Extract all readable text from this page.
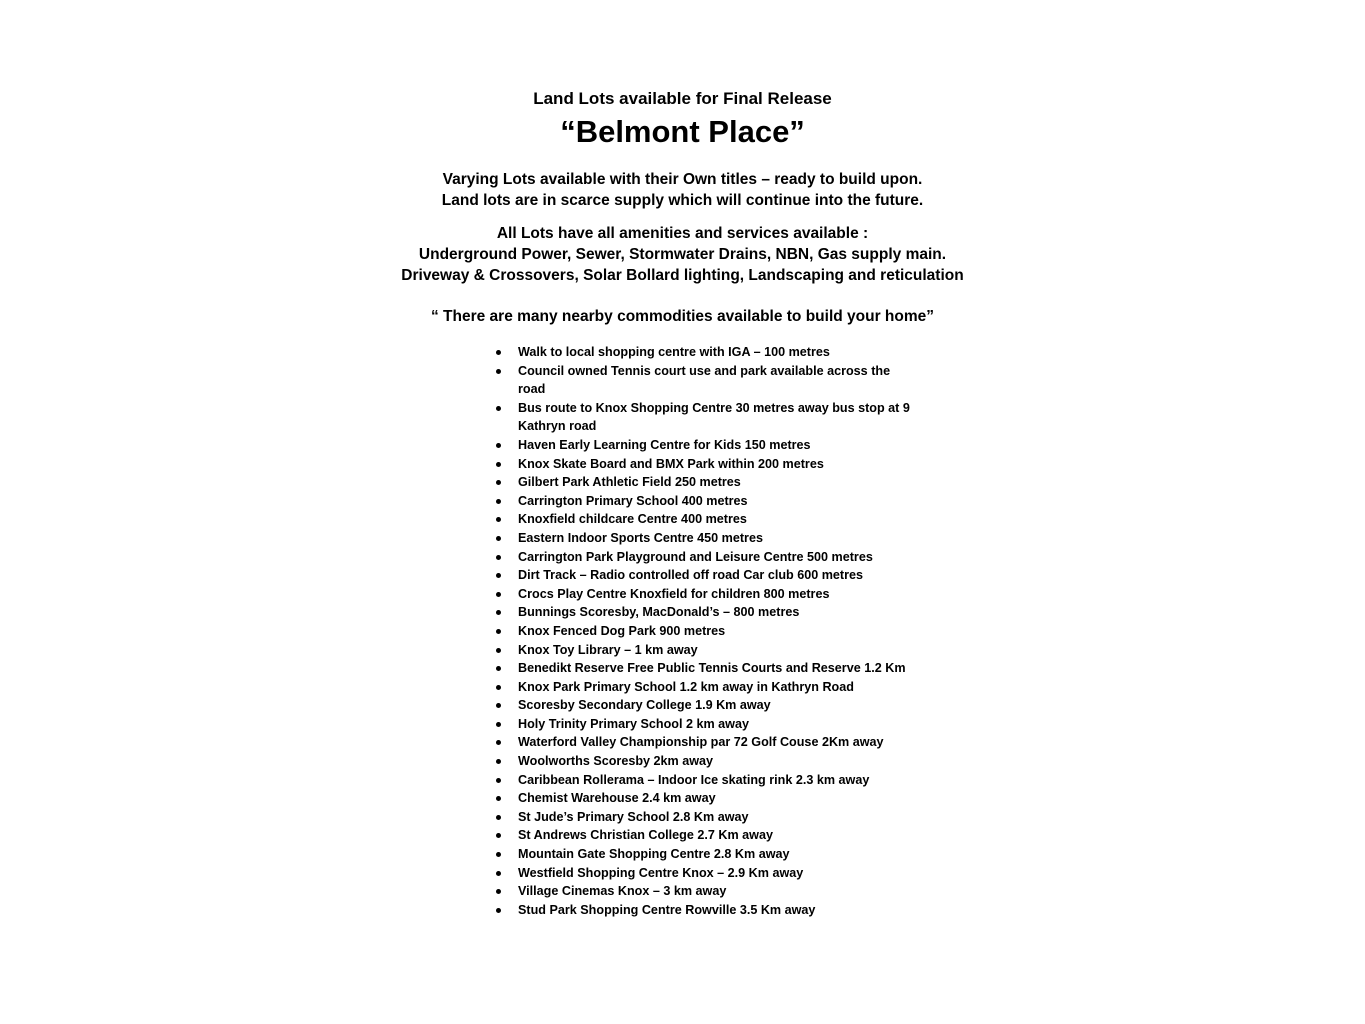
Land Lots available for Final Release

“Belmont Place”

Varying Lots available with their Own titles – ready to build upon.

Land lots are in scarce supply which will continue into the future.

All Lots have all amenities and services available :

Underground Power, Sewer, Stormwater Drains, NBN, Gas supply main.

Driveway & Crossovers, Solar Bollard lighting, Landscaping and reticulation

“ There are many nearby commodities available to build your home”

Walk to local shopping centre with IGA – 100 metres
Council owned Tennis court use and park available across the road
Bus route to Knox Shopping Centre 30 metres away bus stop at 9 Kathryn road
Haven Early Learning Centre for Kids 150 metres
Knox Skate Board and BMX Park within 200 metres
Gilbert Park Athletic Field 250 metres
Carrington Primary School 400 metres
Knoxfield childcare Centre 400 metres
Eastern Indoor Sports Centre 450 metres
Carrington Park Playground and Leisure Centre 500 metres
Dirt Track – Radio controlled off road Car club 600 metres
Crocs Play Centre Knoxfield for children 800 metres
Bunnings Scoresby, MacDonald’s – 800 metres
Knox Fenced Dog Park 900 metres
Knox Toy Library – 1 km away
Benedikt Reserve Free Public Tennis Courts and Reserve 1.2 Km
Knox Park Primary School 1.2 km away in Kathryn Road
Scoresby Secondary College 1.9 Km away
Holy Trinity Primary School 2 km away
Waterford Valley Championship par 72 Golf Couse 2Km away
Woolworths Scoresby 2km away
Caribbean Rollerama – Indoor Ice skating rink 2.3 km away
Chemist Warehouse 2.4 km away
St Jude’s Primary School 2.8 Km away
St Andrews Christian College 2.7 Km away
Mountain Gate Shopping Centre 2.8 Km away
Westfield Shopping Centre Knox – 2.9 Km away
Village Cinemas Knox – 3 km away
Stud Park Shopping Centre Rowville 3.5 Km away
